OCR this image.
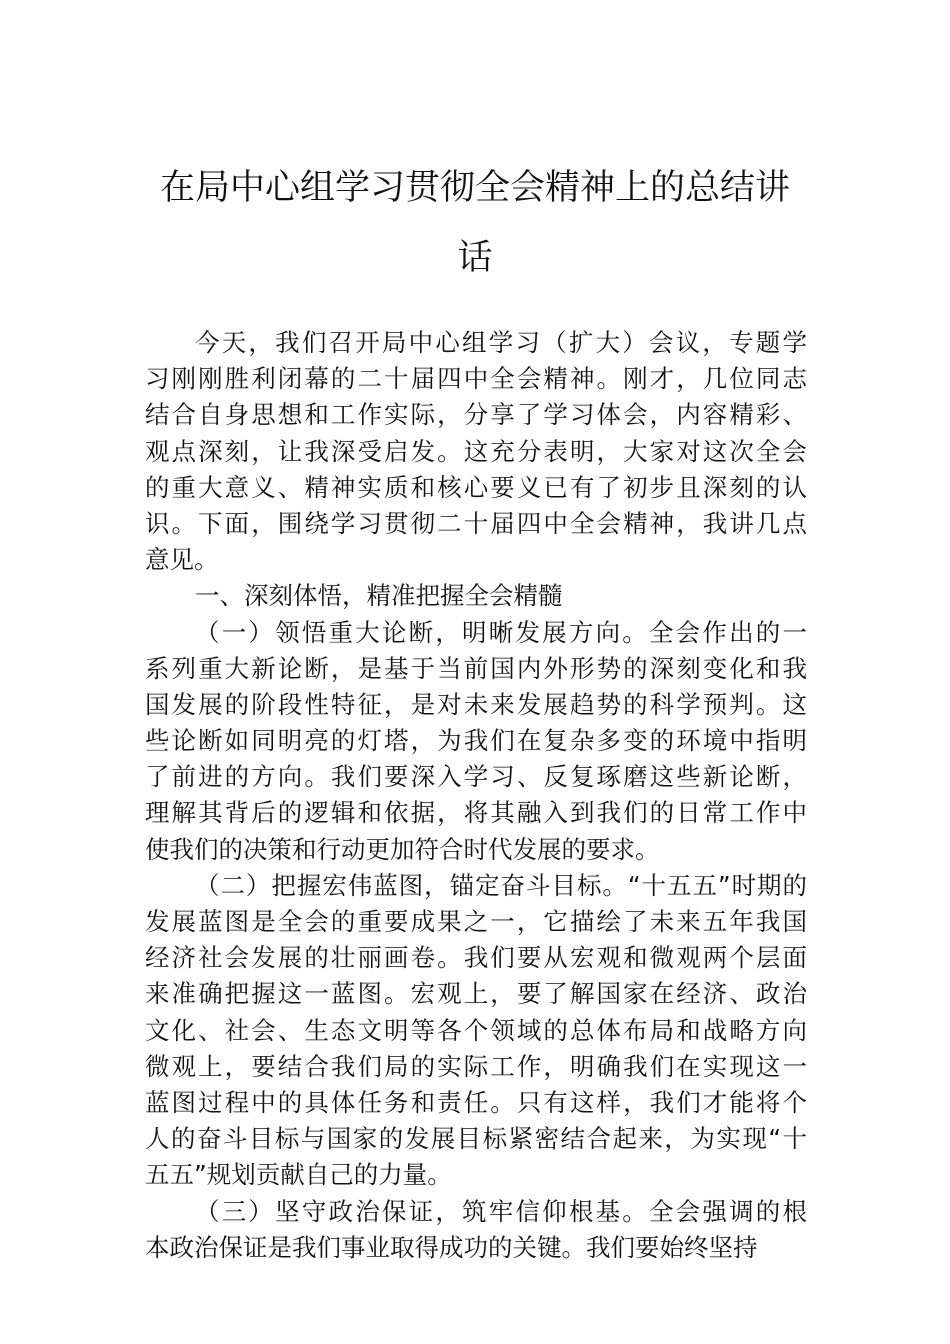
在局中心组学习贯彻全会精神上的总结讲
话
今天，我们召开局中心组学习（扩大）会议，专题学
习刚刚胜利闭幕的二十届四中全会精神。刚才，几位同志
结合自身思想和工作实际，分享了学习体会，内容精彩、
观点深刻，让我深受启发。这充分表明，大家对这次全会
的重大意义、精神实质和核心要义已有了初步且深刻的认
识。下面，围绕学习贯彻二十届四中全会精神，我讲几点
意见。
一、深刻体悟，精准把握全会精髓
（一）领悟重大论断，明晰发展方向。全会作出的一
系列重大新论断，是基于当前国内外形势的深刻变化和我
国发展的阶段性特征，是对未来发展趋势的科学预判。这
些论断如同明亮的灯塔，为我们在复杂多变的环境中指明
了前进的方向。我们要深入学习、反复琢磨这些新论断，
理解其背后的逻辑和依据，将其融入到我们的日常工作中
使我们的决策和行动更加符合时代发展的要求。
（二）把握宏伟蓝图，锚定奋斗目标。“十五五”时期的
发展蓝图是全会的重要成果之一，它描绘了未来五年我国
经济社会发展的壮丽画卷。我们要从宏观和微观两个层面
来准确把握这一蓝图。宏观上，要了解国家在经济、政治
文化、社会、生态文明等各个领域的总体布局和战略方向
微观上，要结合我们局的实际工作，明确我们在实现这一
蓝图过程中的具体任务和责任。只有这样，我们才能将个
人的奋斗目标与国家的发展目标紧密结合起来，为实现“十
五五”规划贡献自己的力量。
（三）坚守政治保证，筑牢信仰根基。全会强调的根
本政治保证是我们事业取得成功的关键。我们要始终坚持
